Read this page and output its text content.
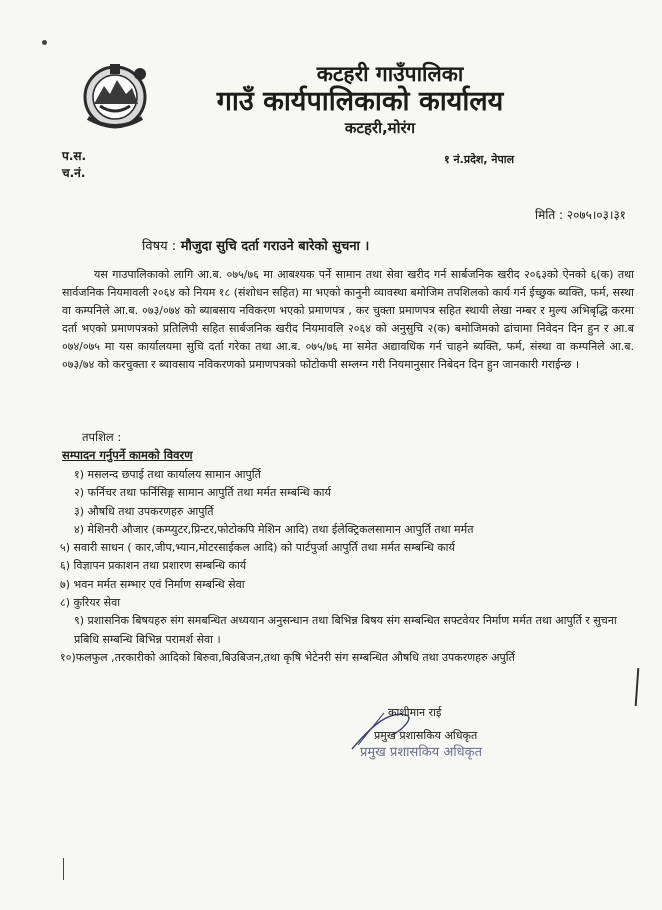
कटहरी गाउँपालिका
गाउँ कार्यपालिकाको कार्यालय
कटहरी,मोरंग
प.स.
च.नं.
१ नं.प्रदेश, नेपाल
मिति : २०७५।०३।३१
विषय : मौजुदा सुचि दर्ता गराउने बारेको सुचना ।
यस गाउपालिकाको लागि आ.ब. ०७५/७६ मा आबश्यक पर्ने सामान तथा सेवा खरीद गर्न सार्बजनिक खरीद २०६३को ऐनको ६(क) तथा सार्वजनिक नियमावली २०६४ को नियम १८ (संशोधन सहित) मा भएको कानुनी व्यावस्था बमोजिम तपशिलको कार्य गर्न ईच्छुक ब्यक्ति, फर्म, सस्था वा कम्पनिले आ.ब. ०७३/०७४ को ब्याबसाय नविकरण भएको प्रमाणपत्र , कर चुक्ता प्रमाणपत्र सहित स्थायी लेखा नम्बर र मुल्य अभिबृद्धि करमा दर्ता भएको प्रमाणपत्रको प्रतिलिपी सहित सार्बजनिक खरीद नियमावलि २०६४ को अनुसुचि २(क) बमोजिमको ढांचामा निवेदन दिन हुन र आ.ब ०७४/०७५ मा यस कार्यालयमा सुचि दर्ता गरेका तथा आ.ब. ०७५/७६ मा समेत अद्यावधिक गर्न चाहने ब्यक्ति, फर्म, संस्था वा कम्पनिले आ.ब. ०७३/७४ को करचुक्ता र ब्यावसाय नविकरणको प्रमाणपत्रको फोटोकपी सम्लग्न गरी नियमानुसार निबेदन दिन हुन जानकारी गराईन्छ ।
तपशिल :
सम्पादन गर्नुपर्ने कामको विवरण
१) मसलन्द छपाई तथा कार्यालय सामान आपुर्ति
२) फर्निचर तथा फर्निसिङ्ग सामान आपुर्ति तथा मर्मत सम्बन्धि कार्य
३) औषधि तथा उपकरणहरु आपुर्ति
४) मेशिनरी औजार (कम्प्युटर,प्रिन्टर,फोटोकपि मेशिन आदि) तथा ईलेक्ट्रिकलसामान आपुर्ति तथा मर्मत
५) सवारी साधन ( कार,जीप,भ्यान,मोटरसाईकल आदि) को पार्टपुर्जा आपुर्ति तथा मर्मत सम्बन्धि कार्य
६) विज्ञापन प्रकाशन तथा प्रशारण सम्बन्धि कार्य
७) भवन मर्मत सम्भार एवं निर्माण सम्बन्धि सेवा
८) कुरियर सेवा
९) प्रशासनिक बिषयहरु संग समबन्धित अध्ययान अनुसन्धान तथा बिभिन्न बिषय संग सम्बन्धित सफ्टवेयर निर्माण मर्मत तथा आपुर्ति र सुचना प्रबिधि सम्बन्धि बिभिन्न परामर्श सेवा ।
१०)फलफुल ,तरकारीको आदिको बिरुवा,बिउबिजन,तथा कृषि भेटेनरी संग सम्बन्धित औषधि तथा उपकरणहरु अपुर्ति
काशीमान राई
प्रमुख प्रशासकिय अधिकृत
प्रमुख प्रशासकिय अधिकृत
